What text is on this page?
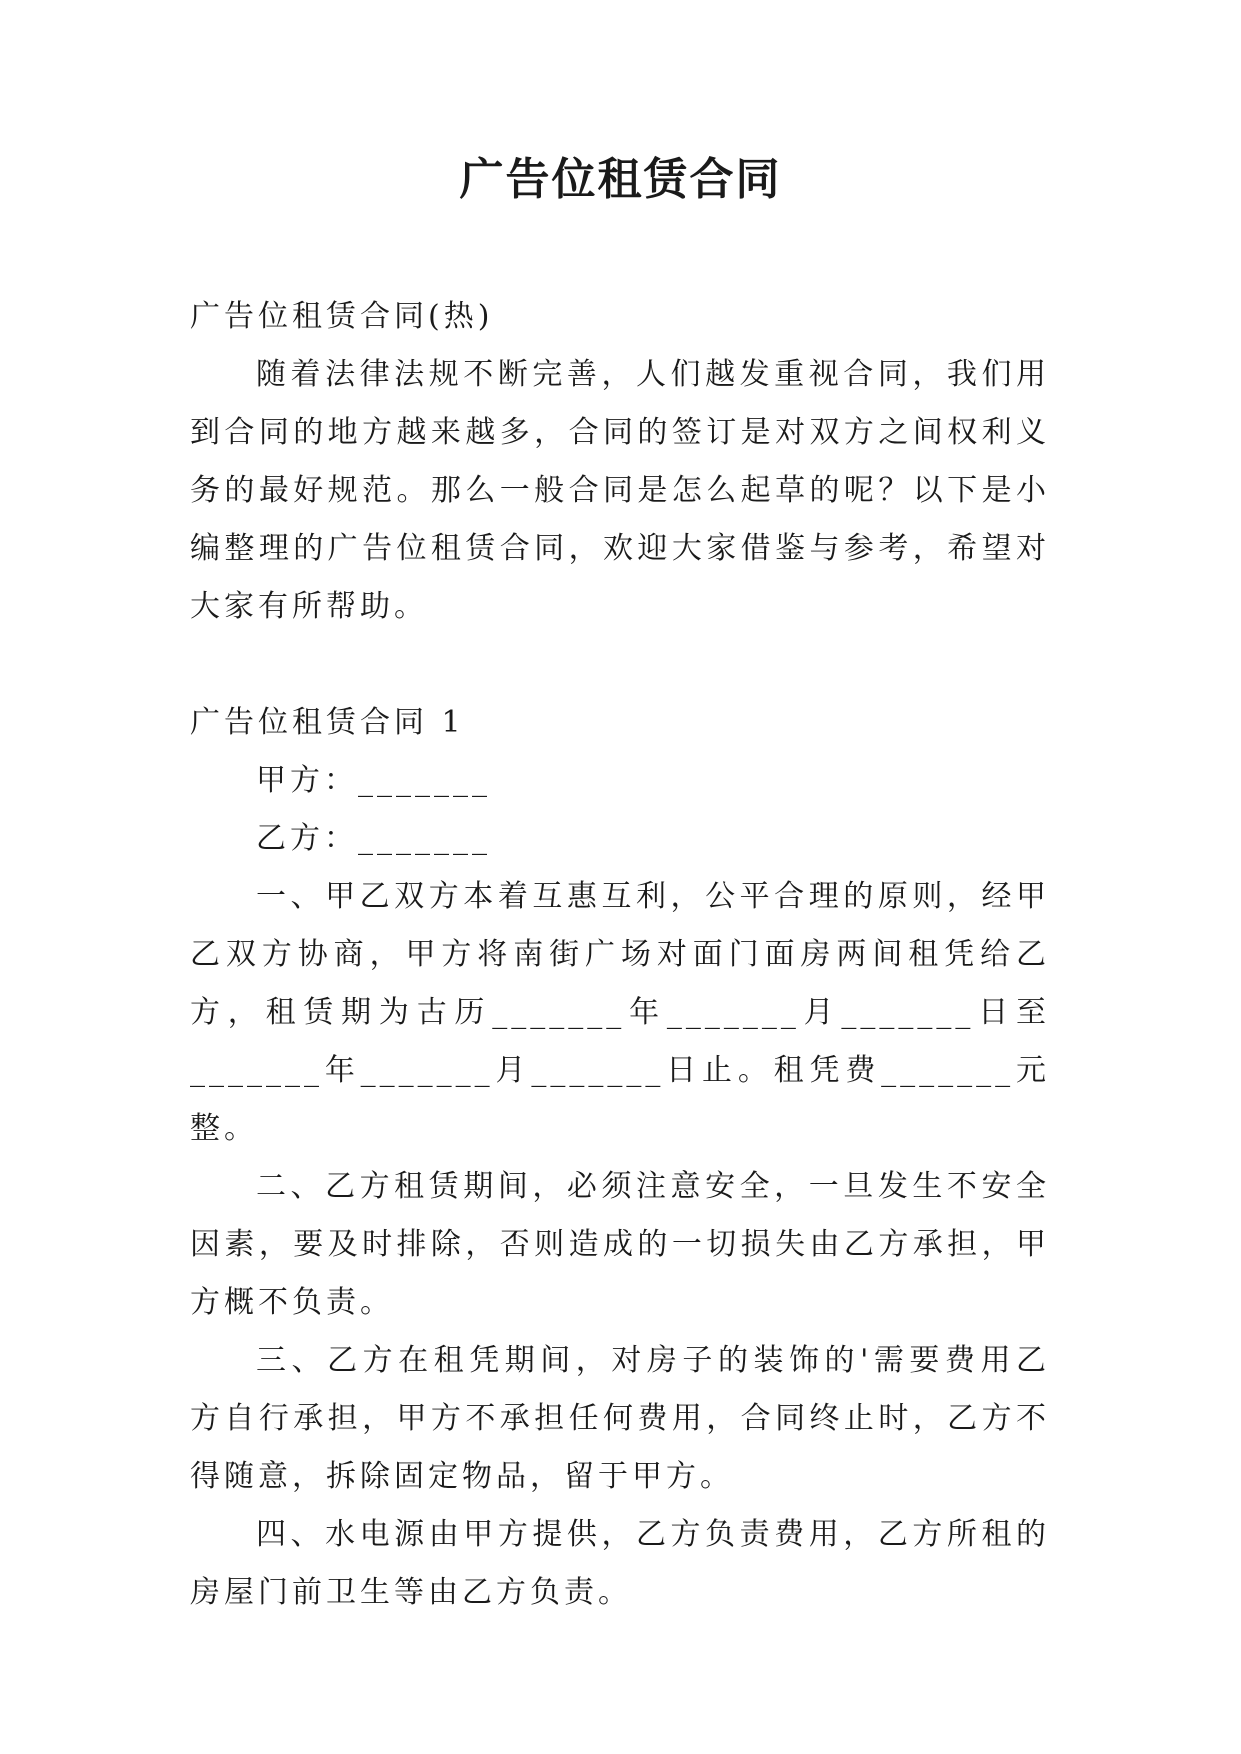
广告位租赁合同

广告位租赁合同(热)

随着法律法规不断完善，人们越发重视合同，我们用到合同的地方越来越多，合同的签订是对双方之间权利义务的最好规范。那么一般合同是怎么起草的呢？以下是小编整理的广告位租赁合同，欢迎大家借鉴与参考，希望对大家有所帮助。

广告位租赁合同 1

甲方：_______

乙方：_______

一、甲乙双方本着互惠互利，公平合理的原则，经甲乙双方协商，甲方将南街广场对面门面房两间租凭给乙方，租赁期为古历_______年_______月_______日至_______年_______月_______日止。租凭费_______元整。

二、乙方租赁期间，必须注意安全，一旦发生不安全因素，要及时排除，否则造成的一切损失由乙方承担，甲方概不负责。

三、乙方在租凭期间，对房子的装饰的'需要费用乙方自行承担，甲方不承担任何费用，合同终止时，乙方不得随意，拆除固定物品，留于甲方。

四、水电源由甲方提供，乙方负责费用，乙方所租的房屋门前卫生等由乙方负责。
